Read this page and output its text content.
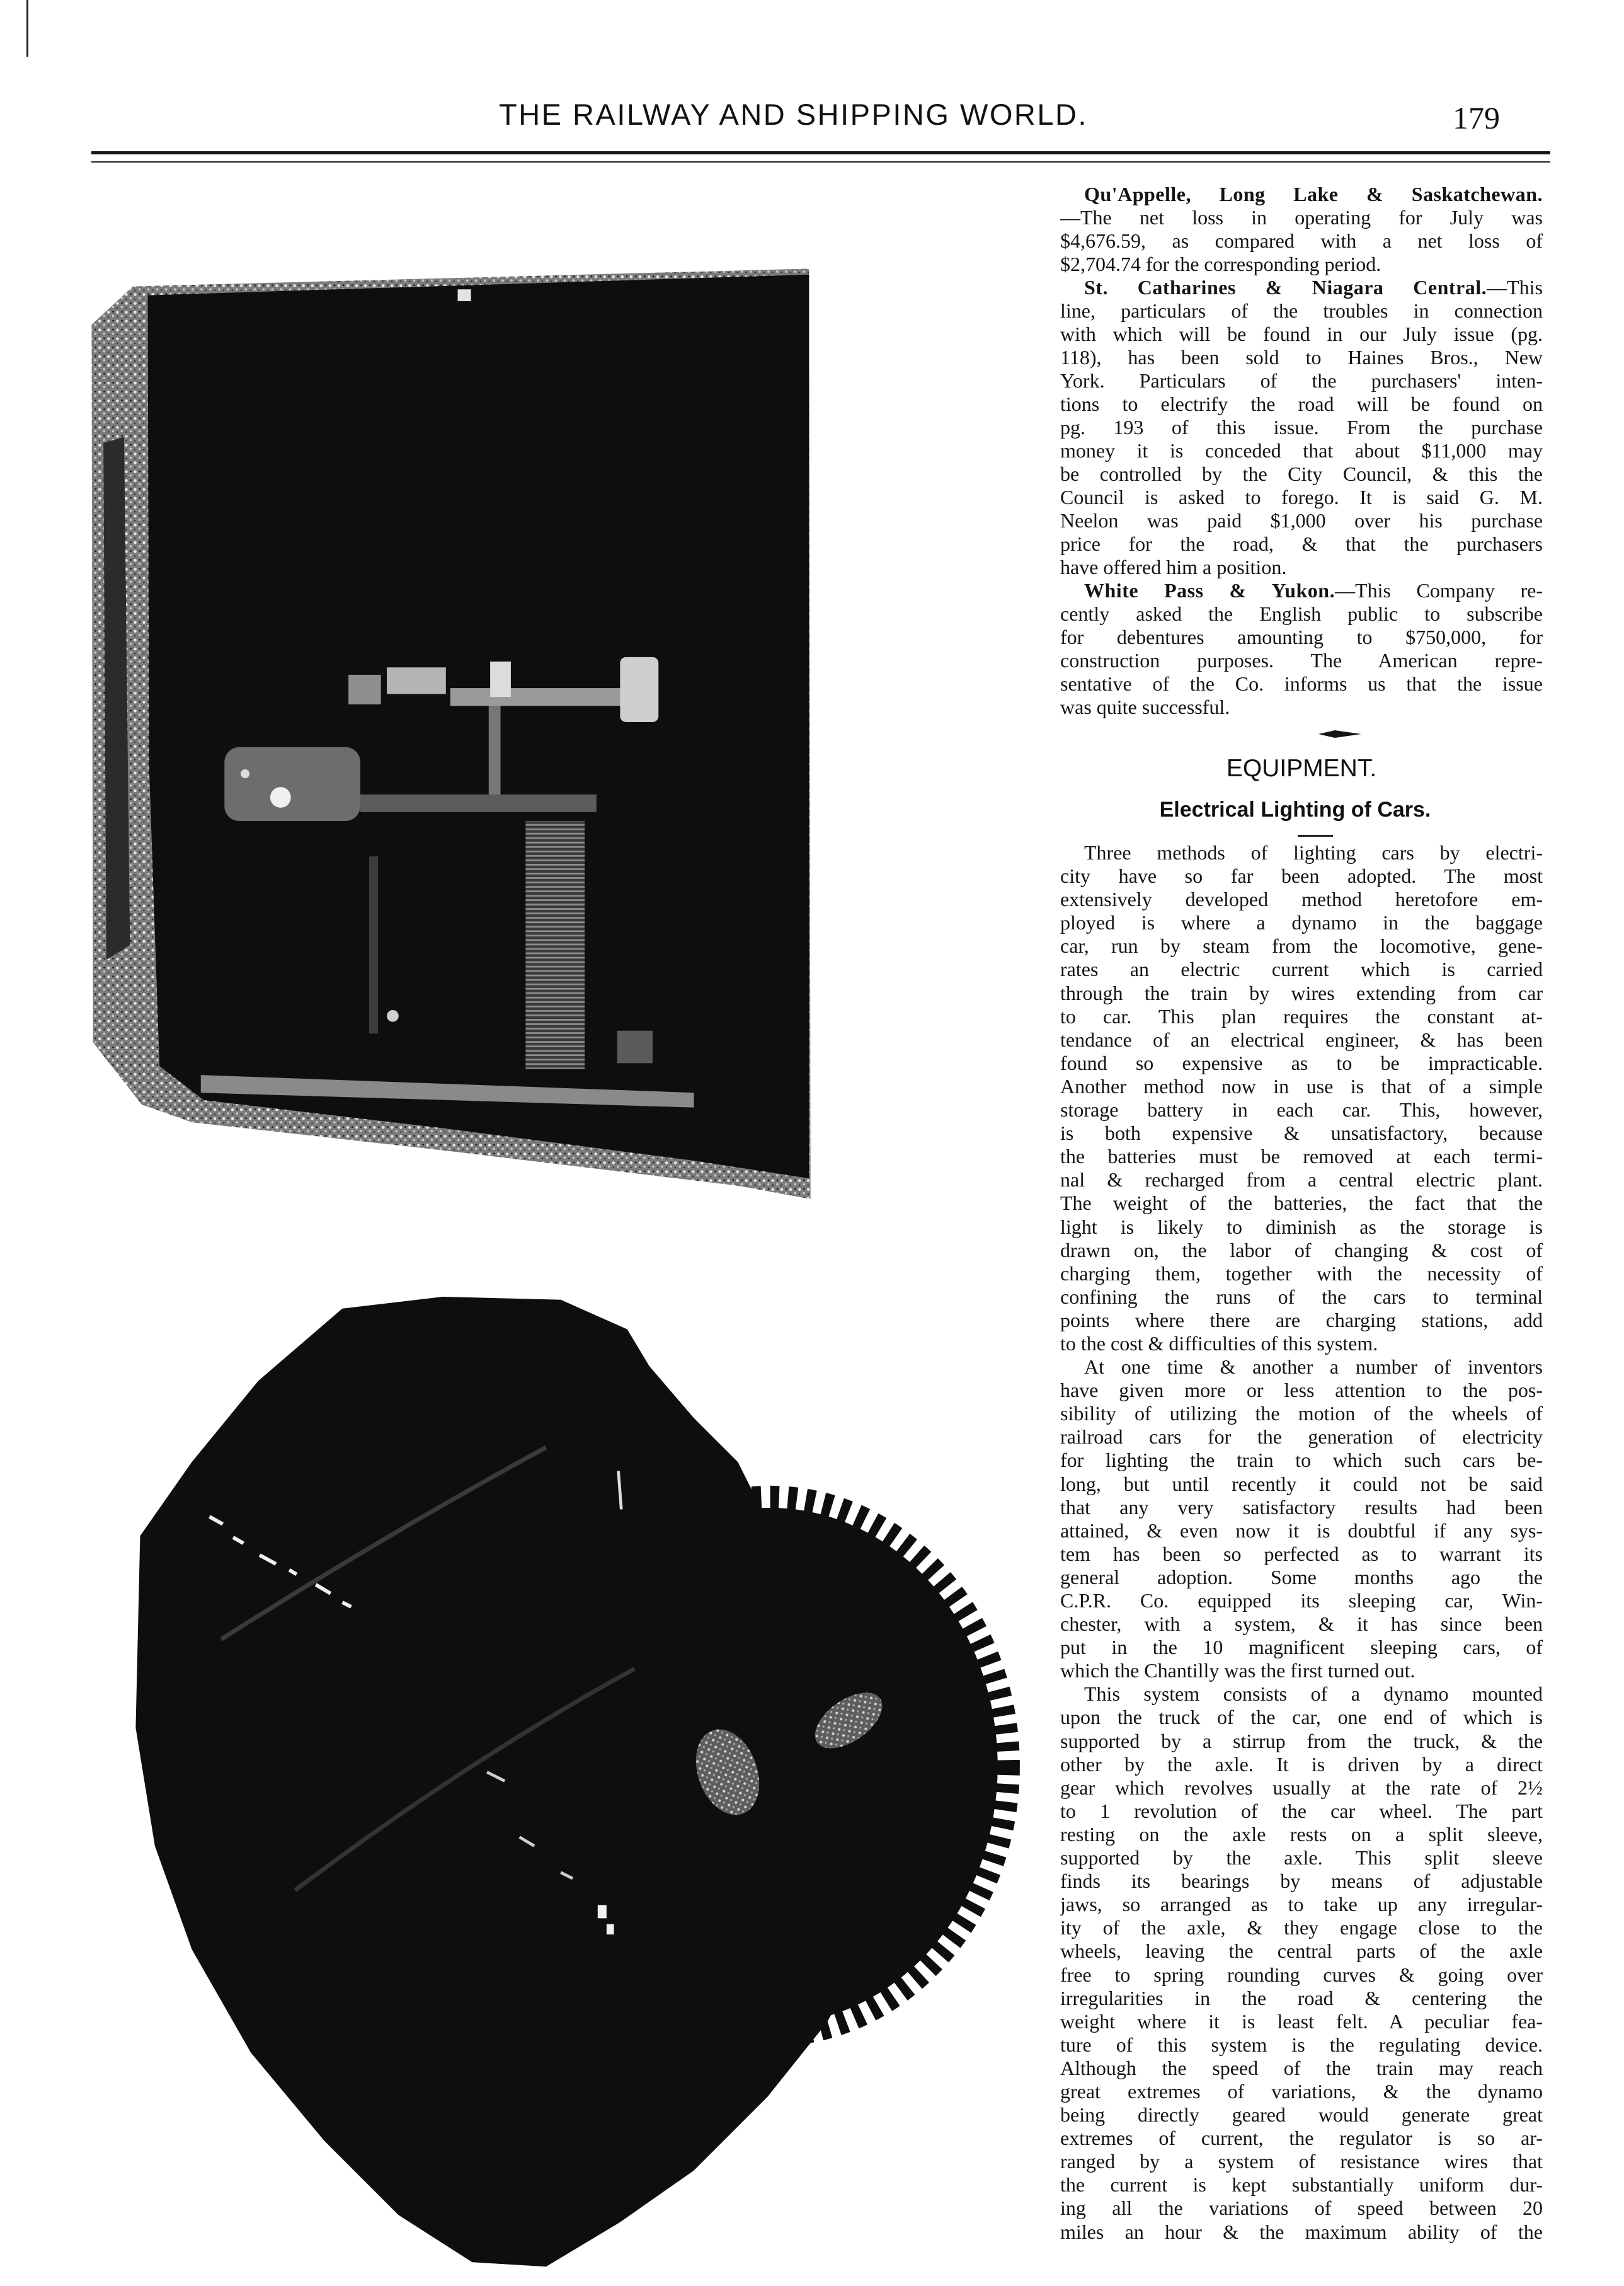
THE RAILWAY AND SHIPPING WORLD.	179
Qu'Appelle, Long Lake & Saskatchewan.
—The net loss in operating for July was
$4,676.59, as compared with a net loss of
$2,704.74 for the corresponding period.
St. Catharines & Niagara Central.—This
line, particulars of the troubles in connection
with which will be found in our July issue (pg.
118), has been sold to Haines Bros., New
York. Particulars of the purchasers' inten-
tions to electrify the road will be found on
pg. 193 of this issue. From the purchase
money it is conceded that about $11,000 may
be controlled by the City Council, & this the
Council is asked to forego. It is said G. M.
Neelon was paid $1,000 over his purchase
price for the road, & that the purchasers
have offered him a position.
White Pass & Yukon.—This Company re-
cently asked the English public to subscribe
for debentures amounting to $750,000, for
construction purposes. The American repre-
sentative of the Co. informs us that the issue
was quite successful.
EQUIPMENT.
Electrical Lighting of Cars.
Three methods of lighting cars by electri-
city have so far been adopted. The most
extensively developed method heretofore em-
ployed is where a dynamo in the baggage
car, run by steam from the locomotive, gene-
rates an electric current which is carried
through the train by wires extending from car
to car. This plan requires the constant at-
tendance of an electrical engineer, & has been
found so expensive as to be impracticable.
Another method now in use is that of a simple
storage battery in each car. This, however,
is both expensive & unsatisfactory, because
the batteries must be removed at each termi-
nal & recharged from a central electric plant.
The weight of the batteries, the fact that the
light is likely to diminish as the storage is
drawn on, the labor of changing & cost of
charging them, together with the necessity of
confining the runs of the cars to terminal
points where there are charging stations, add
to the cost & difficulties of this system.
At one time & another a number of inventors
have given more or less attention to the pos-
sibility of utilizing the motion of the wheels of
railroad cars for the generation of electricity
for lighting the train to which such cars be-
long, but until recently it could not be said
that any very satisfactory results had been
attained, & even now it is doubtful if any sys-
tem has been so perfected as to warrant its
general adoption. Some months ago the
C.P.R. Co. equipped its sleeping car, Win-
chester, with a system, & it has since been
put in the 10 magnificent sleeping cars, of
which the Chantilly was the first turned out.
This system consists of a dynamo mounted
upon the truck of the car, one end of which is
supported by a stirrup from the truck, & the
other by the axle. It is driven by a direct
gear which revolves usually at the rate of 2½
to 1 revolution of the car wheel. The part
resting on the axle rests on a split sleeve,
supported by the axle. This split sleeve
finds its bearings by means of adjustable
jaws, so arranged as to take up any irregular-
ity of the axle, & they engage close to the
wheels, leaving the central parts of the axle
free to spring rounding curves & going over
irregularities in the road & centering the
weight where it is least felt. A peculiar fea-
ture of this system is the regulating device.
Although the speed of the train may reach
great extremes of variations, & the dynamo
being directly geared would generate great
extremes of current, the regulator is so ar-
ranged by a system of resistance wires that
the current is kept substantially uniform dur-
ing all the variations of speed between 20
miles an hour & the maximum ability of the
